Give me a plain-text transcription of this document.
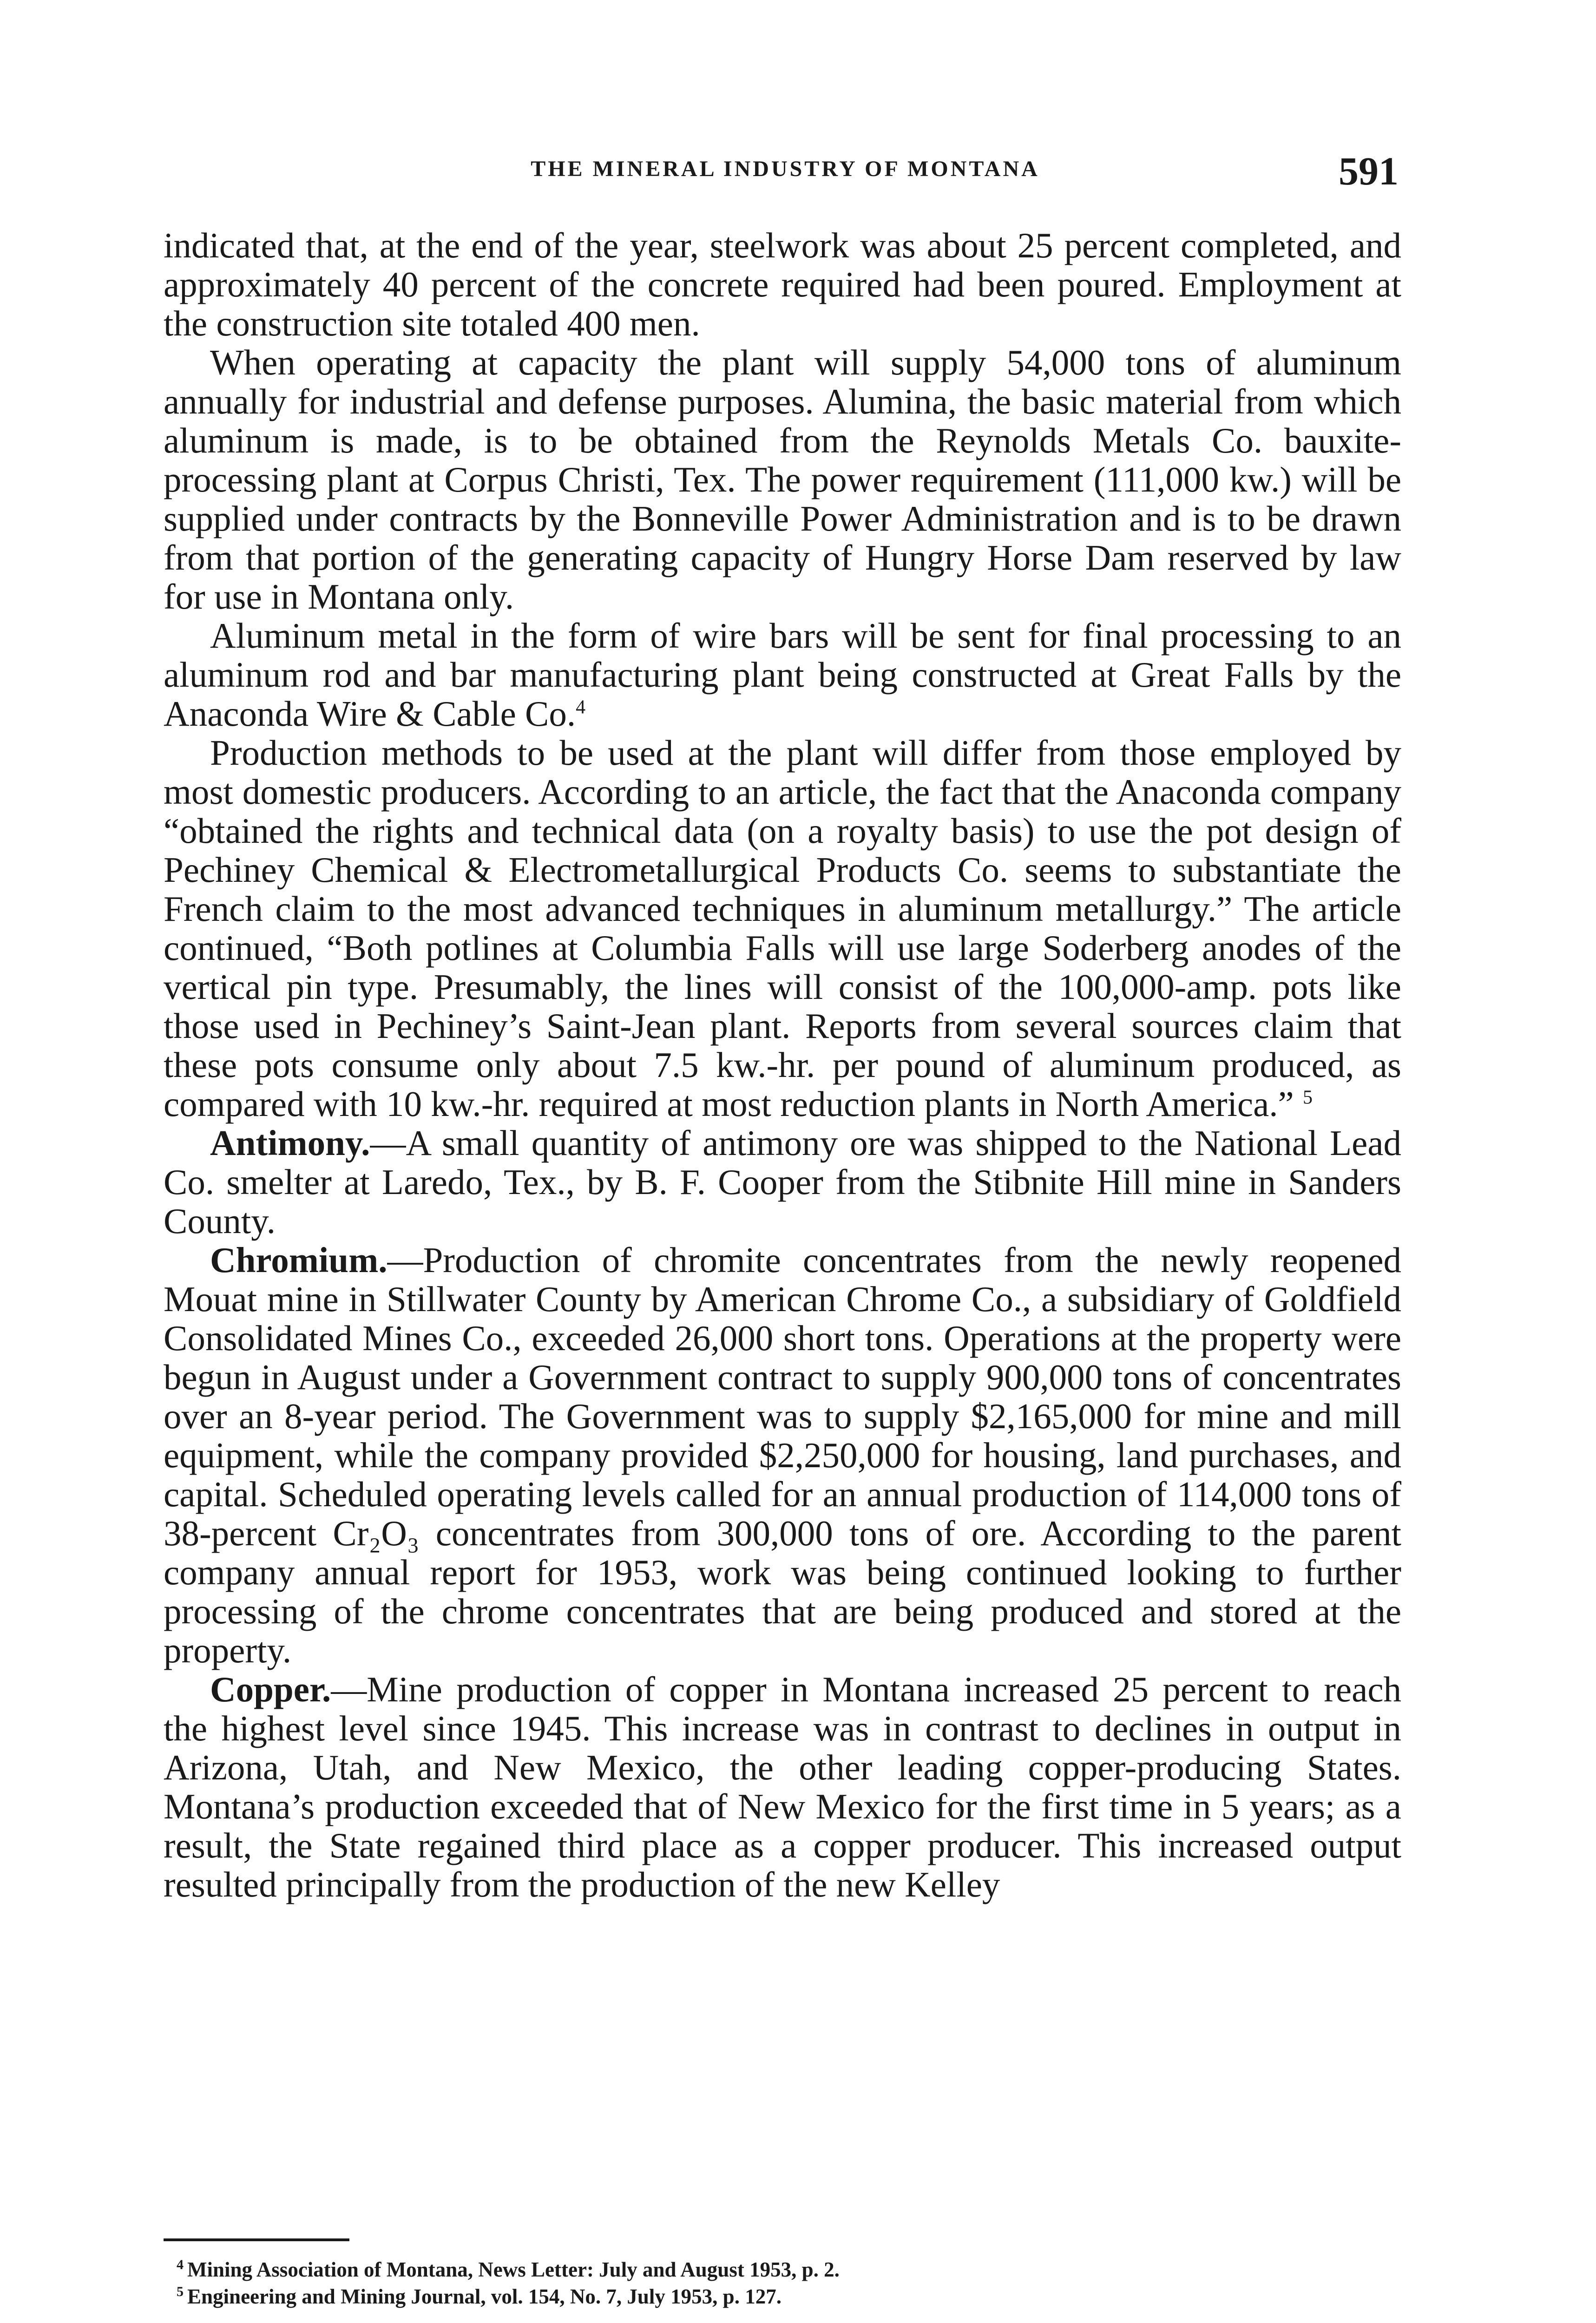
THE MINERAL INDUSTRY OF MONTANA	591

indicated that, at the end of the year, steelwork was about 25 percent completed, and approximately 40 percent of the concrete required had been poured. Employment at the construction site totaled 400 men.

When operating at capacity the plant will supply 54,000 tons of aluminum annually for industrial and defense purposes. Alumina, the basic material from which aluminum is made, is to be obtained from the Reynolds Metals Co. bauxite-processing plant at Corpus Christi, Tex. The power requirement (111,000 kw.) will be supplied under contracts by the Bonneville Power Administration and is to be drawn from that portion of the generating capacity of Hungry Horse Dam reserved by law for use in Montana only.

Aluminum metal in the form of wire bars will be sent for final processing to an aluminum rod and bar manufacturing plant being constructed at Great Falls by the Anaconda Wire & Cable Co.$^4$

Production methods to be used at the plant will differ from those employed by most domestic producers. According to an article, the fact that the Anaconda company “obtained the rights and technical data (on a royalty basis) to use the pot design of Pechiney Chemical & Electrometallurgical Products Co. seems to substantiate the French claim to the most advanced techniques in aluminum metallurgy.” The article continued, “Both potlines at Columbia Falls will use large Soderberg anodes of the vertical pin type. Presumably, the lines will consist of the 100,000-amp. pots like those used in Pechiney’s Saint-Jean plant. Reports from several sources claim that these pots consume only about 7.5 kw.-hr. per pound of aluminum produced, as compared with 10 kw.-hr. required at most reduction plants in North America.” $^5$

Antimony.—A small quantity of antimony ore was shipped to the National Lead Co. smelter at Laredo, Tex., by B. F. Cooper from the Stibnite Hill mine in Sanders County.

Chromium.—Production of chromite concentrates from the newly reopened Mouat mine in Stillwater County by American Chrome Co., a subsidiary of Goldfield Consolidated Mines Co., exceeded 26,000 short tons. Operations at the property were begun in August under a Government contract to supply 900,000 tons of concentrates over an 8-year period. The Government was to supply $2,165,000 for mine and mill equipment, while the company provided $2,250,000 for housing, land purchases, and capital. Scheduled operating levels called for an annual production of 114,000 tons of 38-percent Cr₂O₃ concentrates from 300,000 tons of ore. According to the parent company annual report for 1953, work was being continued looking to further processing of the chrome concentrates that are being produced and stored at the property.

Copper.—Mine production of copper in Montana increased 25 percent to reach the highest level since 1945. This increase was in contrast to declines in output in Arizona, Utah, and New Mexico, the other leading copper-producing States. Montana’s production exceeded that of New Mexico for the first time in 5 years; as a result, the State regained third place as a copper producer. This increased output resulted principally from the production of the new Kelley

$^4$ Mining Association of Montana, News Letter: July and August 1953, p. 2.
$^5$ Engineering and Mining Journal, vol. 154, No. 7, July 1953, p. 127.
